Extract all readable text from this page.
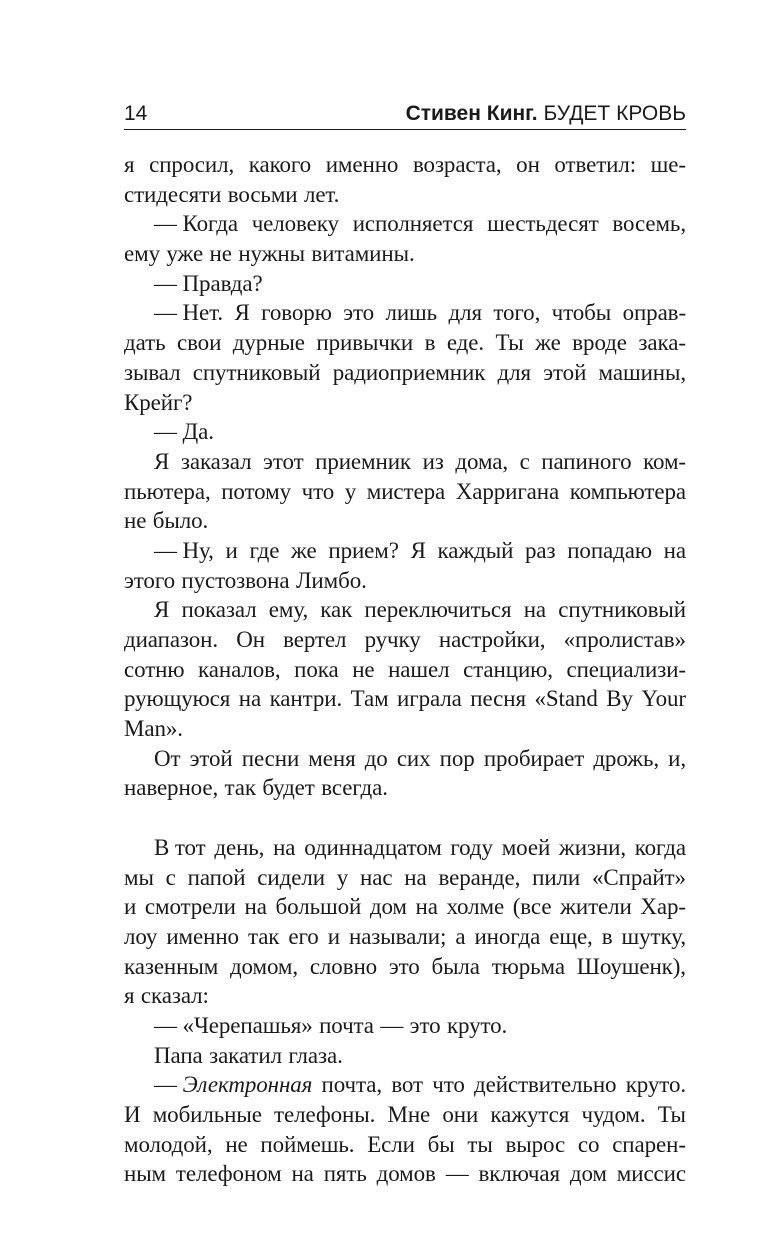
14	Стивен Кинг. БУДЕТ КРОВЬ
я спросил, какого именно возраста, он ответил: ше-
стидесяти восьми лет.
— Когда человеку исполняется шестьдесят восемь,
ему уже не нужны витамины.
— Правда?
— Нет. Я говорю это лишь для того, чтобы оправ-
дать свои дурные привычки в еде. Ты же вроде зака-
зывал спутниковый радиоприемник для этой машины,
Крейг?
— Да.
Я заказал этот приемник из дома, с папиного ком-
пьютера, потому что у мистера Харригана компьютера
не было.
— Ну, и где же прием? Я каждый раз попадаю на
этого пустозвона Лимбо.
Я показал ему, как переключиться на спутниковый
диапазон. Он вертел ручку настройки, «пролистав»
сотню каналов, пока не нашел станцию, специализи-
рующуюся на кантри. Там играла песня «Stand By Your
Man».
От этой песни меня до сих пор пробирает дрожь, и,
наверное, так будет всегда.
В тот день, на одиннадцатом году моей жизни, когда
мы с папой сидели у нас на веранде, пили «Спрайт»
и смотрели на большой дом на холме (все жители Хар-
лоу именно так его и называли; а иногда еще, в шутку,
казенным домом, словно это была тюрьма Шоушенк),
я сказал:
— «Черепашья» почта — это круто.
Папа закатил глаза.
— Электронная почта, вот что действительно круто.
И мобильные телефоны. Мне они кажутся чудом. Ты
молодой, не поймешь. Если бы ты вырос со спарен-
ным телефоном на пять домов — включая дом миссис
